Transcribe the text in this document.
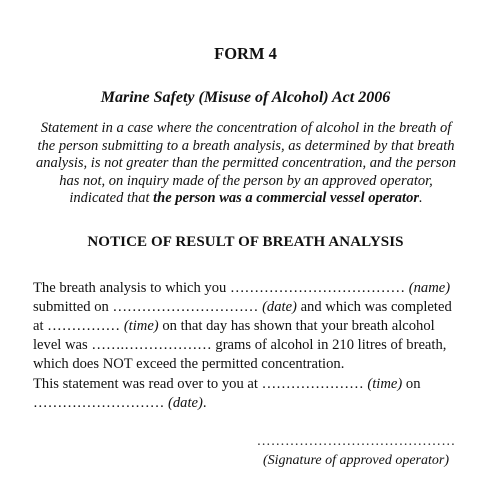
FORM 4
Marine Safety (Misuse of Alcohol) Act 2006
Statement in a case where the concentration of alcohol in the breath of the person submitting to a breath analysis, as determined by that breath analysis, is not greater than the permitted concentration, and the person has not, on inquiry made of the person by an approved operator, indicated that the person was a commercial vessel operator.
NOTICE OF RESULT OF BREATH ANALYSIS
The breath analysis to which you ……………………………… (name)
submitted on ………………………… (date) and which was completed
at …………… (time) on that day has shown that your breath alcohol
level was …….……………… grams of alcohol in 210 litres of breath,
which does NOT exceed the permitted concentration.
This statement was read over to you at ………………… (time) on
……………………… (date).
……………………………………
(Signature of approved operator)
